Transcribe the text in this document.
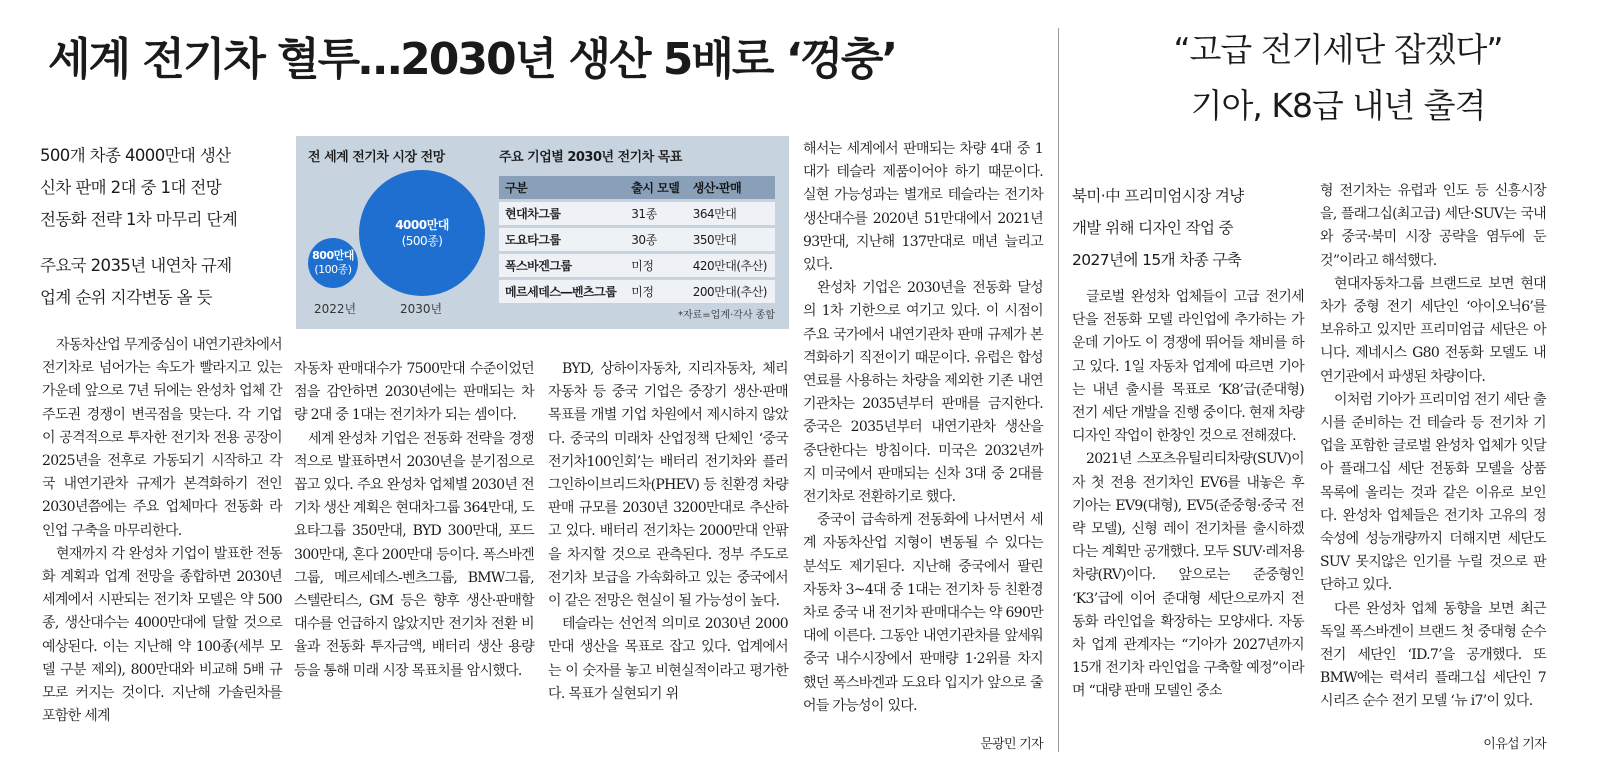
세계 전기차 혈투…2030년 생산 5배로 ‘껑충’
500개 차종 4000만대 생산
신차 판매 2대 중 1대 전망
전동화 전략 1차 마무리 단계
주요국 2035년 내연차 규제
업계 순위 지각변동 올 듯
전 세계 전기차 시장 전망
800만대
(100종)
4000만대
(500종)
2022년	2030년
주요 기업별 2030년 전기차 목표
구분	출시 모델	생산·판매
현대차그룹	31종	364만대
도요타그룹	30종	350만대
폭스바겐그룹	미정	420만대(추산)
메르세데스―벤츠그룹	미정	200만대(추산)
*자료=업계·각사 종합

자동차산업 무게중심이 내연기관차에서 전기차로 넘어가는 속도가 빨라지고 있는 가운데 앞으로 7년 뒤에는 완성차 업체 간 주도권 경쟁이 변곡점을 맞는다. 각 기업이 공격적으로 투자한 전기차 전용 공장이 2025년을 전후로 가동되기 시작하고 각국 내연기관차 규제가 본격화하기 전인 2030년쯤에는 주요 업체마다 전동화 라인업 구축을 마무리한다.

현재까지 각 완성차 기업이 발표한 전동화 계획과 업계 전망을 종합하면 2030년 세계에서 시판되는 전기차 모델은 약 500종, 생산대수는 4000만대에 달할 것으로 예상된다. 이는 지난해 약 100종(세부 모델 구분 제외), 800만대와 비교해 5배 규모로 커지는 것이다. 지난해 가솔린차를 포함한 세계

자동차 판매대수가 7500만대 수준이었던 점을 감안하면 2030년에는 판매되는 차량 2대 중 1대는 전기차가 되는 셈이다.

세계 완성차 기업은 전동화 전략을 경쟁적으로 발표하면서 2030년을 분기점으로 꼽고 있다. 주요 완성차 업체별 2030년 전기차 생산 계획은 현대차그룹 364만대, 도요타그룹 350만대, BYD 300만대, 포드 300만대, 혼다 200만대 등이다. 폭스바겐그룹, 메르세데스-벤츠그룹, BMW그룹, 스텔란티스, GM 등은 향후 생산·판매할 대수를 언급하지 않았지만 전기차 전환 비율과 전동화 투자금액, 배터리 생산 용량 등을 통해 미래 시장 목표치를 암시했다.

BYD, 상하이자동차, 지리자동차, 체리자동차 등 중국 기업은 중장기 생산·판매 목표를 개별 기업 차원에서 제시하지 않았다. 중국의 미래차 산업정책 단체인 ‘중국전기차100인회’는 배터리 전기차와 플러그인하이브리드차(PHEV) 등 친환경 차량 판매 규모를 2030년 3200만대로 추산하고 있다. 배터리 전기차는 2000만대 안팎을 차지할 것으로 관측된다. 정부 주도로 전기차 보급을 가속화하고 있는 중국에서 이 같은 전망은 현실이 될 가능성이 높다.

테슬라는 선언적 의미로 2030년 2000만대 생산을 목표로 잡고 있다. 업계에서는 이 숫자를 놓고 비현실적이라고 평가한다. 목표가 실현되기 위

해서는 세계에서 판매되는 차량 4대 중 1대가 테슬라 제품이어야 하기 때문이다. 실현 가능성과는 별개로 테슬라는 전기차 생산대수를 2020년 51만대에서 2021년 93만대, 지난해 137만대로 매년 늘리고 있다.

완성차 기업은 2030년을 전동화 달성의 1차 기한으로 여기고 있다. 이 시점이 주요 국가에서 내연기관차 판매 규제가 본격화하기 직전이기 때문이다. 유럽은 합성연료를 사용하는 차량을 제외한 기존 내연기관차는 2035년부터 판매를 금지한다. 중국은 2035년부터 내연기관차 생산을 중단한다는 방침이다. 미국은 2032년까지 미국에서 판매되는 신차 3대 중 2대를 전기차로 전환하기로 했다.

중국이 급속하게 전동화에 나서면서 세계 자동차산업 지형이 변동될 수 있다는 분석도 제기된다. 지난해 중국에서 팔린 자동차 3~4대 중 1대는 전기차 등 친환경차로 중국 내 전기차 판매대수는 약 690만대에 이른다. 그동안 내연기관차를 앞세워 중국 내수시장에서 판매량 1·2위를 차지했던 폭스바겐과 도요타 입지가 앞으로 줄어들 가능성이 있다.

문광민 기자
“고급 전기세단 잡겠다”
기아, K8급 내년 출격
북미·中 프리미엄시장 겨냥
개발 위해 디자인 작업 중
2027년에 15개 차종 구축

글로벌 완성차 업체들이 고급 전기세단을 전동화 모델 라인업에 추가하는 가운데 기아도 이 경쟁에 뛰어들 채비를 하고 있다. 1일 자동차 업계에 따르면 기아는 내년 출시를 목표로 ‘K8’급(준대형) 전기 세단 개발을 진행 중이다. 현재 차량 디자인 작업이 한창인 것으로 전해졌다.

2021년 스포츠유틸리티차량(SUV)이자 첫 전용 전기차인 EV6를 내놓은 후 기아는 EV9(대형), EV5(준중형·중국 전략 모델), 신형 레이 전기차를 출시하겠다는 계획만 공개했다. 모두 SUV·레저용 차량(RV)이다. 앞으로는 준중형인 ‘K3’급에 이어 준대형 세단으로까지 전동화 라인업을 확장하는 모양새다. 자동차 업계 관계자는 “기아가 2027년까지 15개 전기차 라인업을 구축할 예정”이라며 “대량 판매 모델인 중소

형 전기차는 유럽과 인도 등 신흥시장을, 플래그십(최고급) 세단·SUV는 국내와 중국·북미 시장 공략을 염두에 둔 것”이라고 해석했다.

현대자동차그룹 브랜드로 보면 현대차가 중형 전기 세단인 ‘아이오닉6’를 보유하고 있지만 프리미엄급 세단은 아니다. 제네시스 G80 전동화 모델도 내연기관에서 파생된 차량이다.

이처럼 기아가 프리미엄 전기 세단 출시를 준비하는 건 테슬라 등 전기차 기업을 포함한 글로벌 완성차 업체가 잇달아 플래그십 세단 전동화 모델을 상품 목록에 올리는 것과 같은 이유로 보인다. 완성차 업체들은 전기차 고유의 정숙성에 성능개량까지 더해지면 세단도 SUV 못지않은 인기를 누릴 것으로 판단하고 있다.

다른 완성차 업체 동향을 보면 최근 독일 폭스바겐이 브랜드 첫 중대형 순수 전기 세단인 ‘ID.7’을 공개했다. 또 BMW에는 럭셔리 플래그십 세단인 7시리즈 순수 전기 모델 ‘뉴 i7’이 있다.

이유섭 기자
